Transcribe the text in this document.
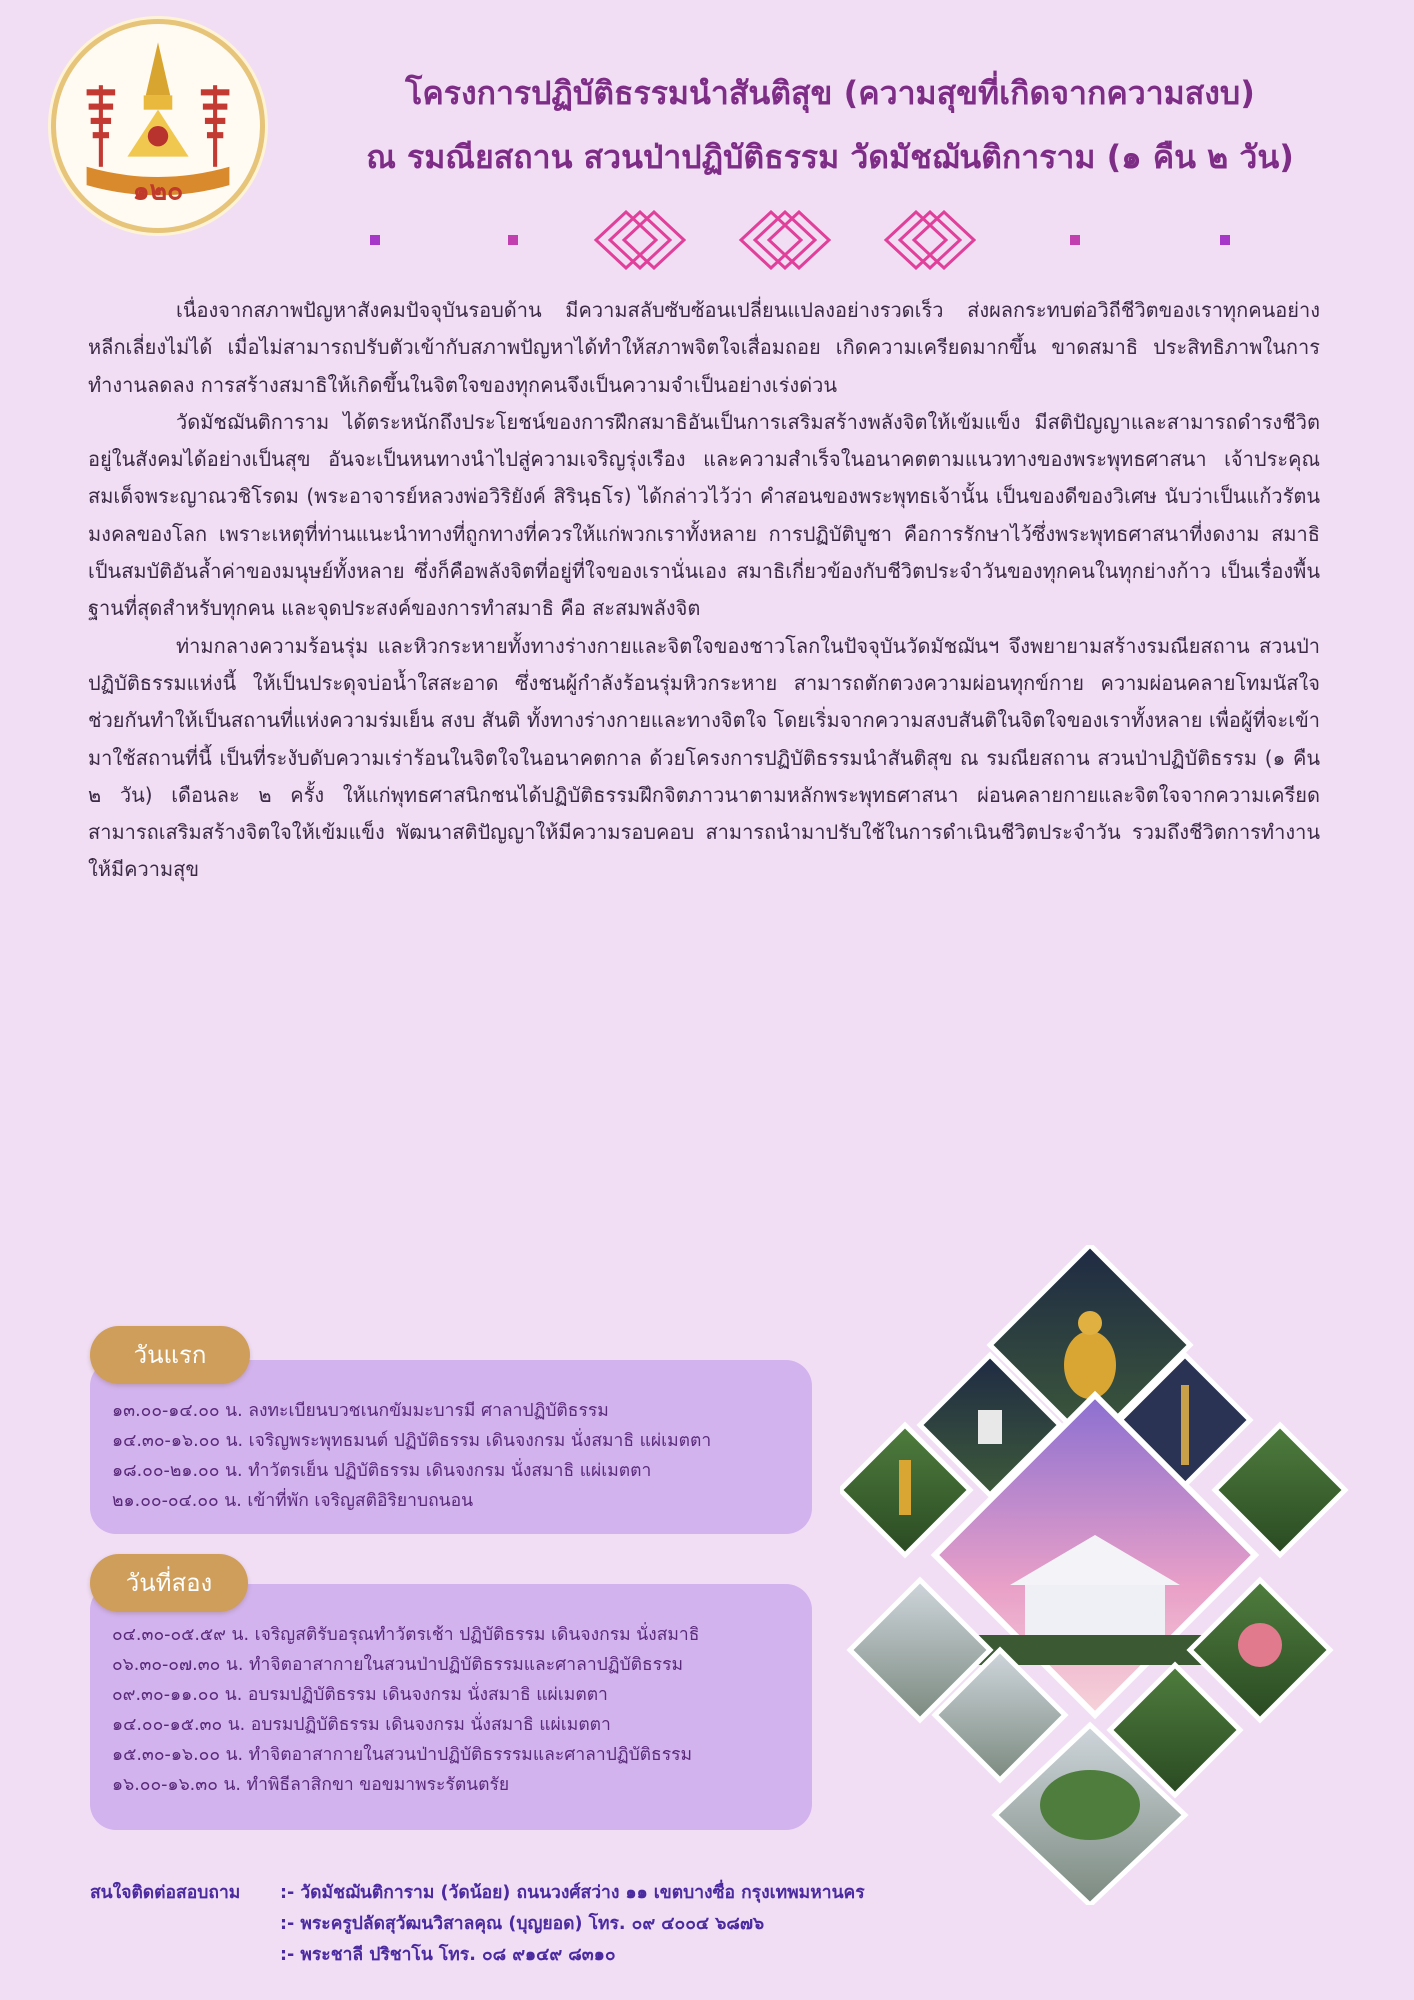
๑๒๐
โครงการปฏิบัติธรรมนำสันติสุข (ความสุขที่เกิดจากความสงบ)
ณ รมณียสถาน สวนป่าปฏิบัติธรรม วัดมัชฌันติการาม (๑ คืน ๒ วัน)

เนื่องจากสภาพปัญหาสังคมปัจจุบันรอบด้าน มีความสลับซับซ้อนเปลี่ยนแปลงอย่างรวดเร็ว ส่งผลกระทบต่อวิถีชีวิตของเราทุกคนอย่างหลีกเลี่ยงไม่ได้ เมื่อไม่สามารถปรับตัวเข้ากับสภาพปัญหาได้ทำให้สภาพจิตใจเสื่อมถอย เกิดความเครียดมากขึ้น ขาดสมาธิ ประสิทธิภาพในการทำงานลดลง การสร้างสมาธิให้เกิดขึ้นในจิตใจของทุกคนจึงเป็นความจำเป็นอย่างเร่งด่วน

วัดมัชฌันติการาม ได้ตระหนักถึงประโยชน์ของการฝึกสมาธิอันเป็นการเสริมสร้างพลังจิตให้เข้มแข็ง มีสติปัญญาและสามารถดำรงชีวิตอยู่ในสังคมได้อย่างเป็นสุข อันจะเป็นหนทางนำไปสู่ความเจริญรุ่งเรือง และความสำเร็จในอนาคตตามแนวทางของพระพุทธศาสนา เจ้าประคุณสมเด็จพระญาณวชิโรดม (พระอาจารย์หลวงพ่อวิริยังค์ สิรินฺธโร) ได้กล่าวไว้ว่า คำสอนของพระพุทธเจ้านั้น เป็นของดีของวิเศษ นับว่าเป็นแก้วรัตนมงคลของโลก เพราะเหตุที่ท่านแนะนำทางที่ถูกทางที่ควรให้แก่พวกเราทั้งหลาย การปฏิบัติบูชา คือการรักษาไว้ซึ่งพระพุทธศาสนาที่งดงาม สมาธิเป็นสมบัติอันล้ำค่าของมนุษย์ทั้งหลาย ซึ่งก็คือพลังจิตที่อยู่ที่ใจของเรานั่นเอง สมาธิเกี่ยวข้องกับชีวิตประจำวันของทุกคนในทุกย่างก้าว เป็นเรื่องพื้นฐานที่สุดสำหรับทุกคน และจุดประสงค์ของการทำสมาธิ คือ สะสมพลังจิต

ท่ามกลางความร้อนรุ่ม และหิวกระหายทั้งทางร่างกายและจิตใจของชาวโลกในปัจจุบันวัดมัชฌันฯ จึงพยายามสร้างรมณียสถาน สวนป่าปฏิบัติธรรมแห่งนี้ ให้เป็นประดุจบ่อน้ำใสสะอาด ซึ่งชนผู้กำลังร้อนรุ่มหิวกระหาย สามารถตักตวงความผ่อนทุกข์กาย ความผ่อนคลายโทมนัสใจ ช่วยกันทำให้เป็นสถานที่แห่งความร่มเย็น สงบ สันติ ทั้งทางร่างกายและทางจิตใจ โดยเริ่มจากความสงบสันติในจิตใจของเราทั้งหลาย เพื่อผู้ที่จะเข้ามาใช้สถานที่นี้ เป็นที่ระงับดับความเร่าร้อนในจิตใจในอนาคตกาล ด้วยโครงการปฏิบัติธรรมนำสันติสุข ณ รมณียสถาน สวนป่าปฏิบัติธรรม (๑ คืน ๒ วัน) เดือนละ ๒ ครั้ง ให้แก่พุทธศาสนิกชนได้ปฏิบัติธรรมฝึกจิตภาวนาตามหลักพระพุทธศาสนา ผ่อนคลายกายและจิตใจจากความเครียด สามารถเสริมสร้างจิตใจให้เข้มแข็ง พัฒนาสติปัญญาให้มีความรอบคอบ สามารถนำมาปรับใช้ในการดำเนินชีวิตประจำวัน รวมถึงชีวิตการทำงานให้มีความสุข

๑๓.๐๐-๑๔.๐๐ น. ลงทะเบียนบวชเนกขัมมะบารมี ศาลาปฏิบัติธรรม
๑๔.๓๐-๑๖.๐๐ น. เจริญพระพุทธมนต์ ปฏิบัติธรรม เดินจงกรม นั่งสมาธิ แผ่เมตตา
๑๘.๐๐-๒๑.๐๐ น. ทำวัตรเย็น ปฏิบัติธรรม เดินจงกรม นั่งสมาธิ แผ่เมตตา
๒๑.๐๐-๐๔.๐๐ น. เข้าที่พัก เจริญสติอิริยาบถนอน
วันแรก
๐๔.๓๐-๐๕.๕๙ น. เจริญสติรับอรุณทำวัตรเช้า ปฏิบัติธรรม เดินจงกรม นั่งสมาธิ
๐๖.๓๐-๐๗.๓๐ น. ทำจิตอาสากายในสวนป่าปฏิบัติธรรมและศาลาปฏิบัติธรรม
๐๙.๓๐-๑๑.๐๐ น. อบรมปฏิบัติธรรม เดินจงกรม นั่งสมาธิ แผ่เมตตา
๑๔.๐๐-๑๕.๓๐ น. อบรมปฏิบัติธรรม เดินจงกรม นั่งสมาธิ แผ่เมตตา
๑๕.๓๐-๑๖.๐๐ น. ทำจิตอาสากายในสวนป่าปฏิบัติธรรรมและศาลาปฏิบัติธรรม
๑๖.๐๐-๑๖.๓๐ น. ทำพิธีลาสิกขา ขอขมาพระรัตนตรัย
วันที่สอง
สนใจติดต่อสอบถาม	:- วัดมัชฌันติการาม (วัดน้อย) ถนนวงศ์สว่าง ๑๑ เขตบางซื่อ กรุงเทพมหานคร
:- พระครูปลัดสุวัฒนวิสาลคุณ (บุญยอด) โทร. ๐๙ ๔๐๐๔ ๖๘๗๖
:- พระชาลี ปริชาโน โทร. ๐๘ ๙๑๔๙ ๘๓๑๐
